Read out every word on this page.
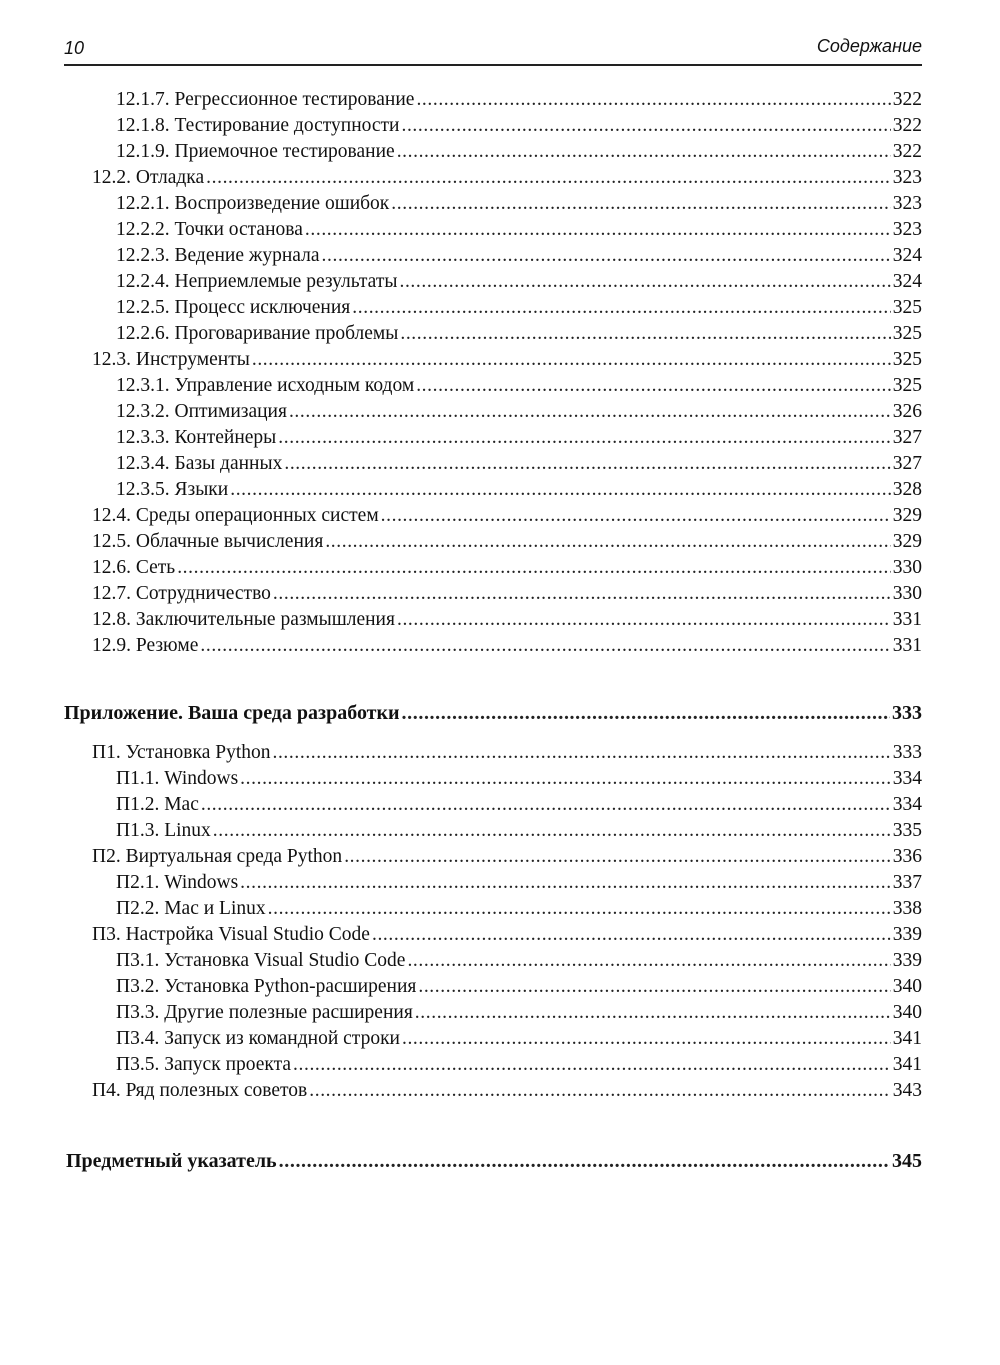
10	Содержание
12.1.7. Регрессионное тестирование .....	322
12.1.8. Тестирование доступности .....	322
12.1.9. Приемочное тестирование .....	322
12.2. Отладка .....	323
12.2.1. Воспроизведение ошибок .....	323
12.2.2. Точки останова .....	323
12.2.3. Ведение журнала .....	324
12.2.4. Неприемлемые результаты .....	324
12.2.5. Процесс исключения .....	325
12.2.6. Проговаривание проблемы .....	325
12.3. Инструменты .....	325
12.3.1. Управление исходным кодом .....	325
12.3.2. Оптимизация .....	326
12.3.3. Контейнеры .....	327
12.3.4. Базы данных .....	327
12.3.5. Языки .....	328
12.4. Среды операционных систем .....	329
12.5. Облачные вычисления .....	329
12.6. Сеть .....	330
12.7. Сотрудничество .....	330
12.8. Заключительные размышления .....	331
12.9. Резюме .....	331
Приложение. Ваша среда разработки .....	333
П1. Установка Python .....	333
П1.1. Windows .....	334
П1.2. Mac .....	334
П1.3. Linux .....	335
П2. Виртуальная среда Python .....	336
П2.1. Windows .....	337
П2.2. Mac и Linux .....	338
П3. Настройка Visual Studio Code .....	339
П3.1. Установка Visual Studio Code .....	339
П3.2. Установка Python-расширения .....	340
П3.3. Другие полезные расширения .....	340
П3.4. Запуск из командной строки .....	341
П3.5. Запуск проекта .....	341
П4. Ряд полезных советов .....	343
Предметный указатель .....	345
